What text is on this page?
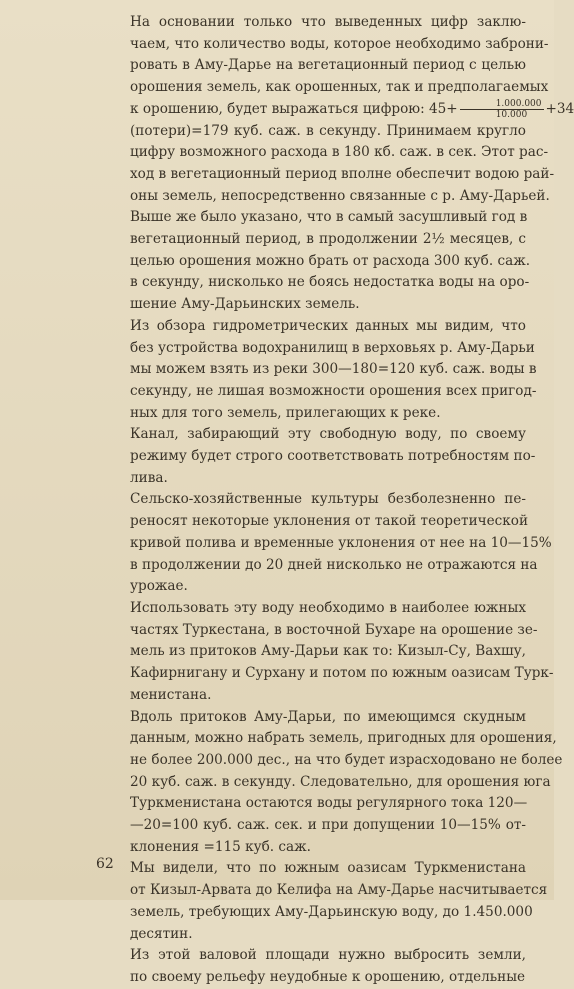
На основании только что выведенных цифр заклю-
чаем, что количество воды, которое необходимо заброни-
ровать в Аму-Дарье на вегетационный период с целью
орошения земель, как орошенных, так и предполагаемых
к орошению, будет выражаться цифрою: $45+ \frac{1.000.000}{10.000} +34$
(потери)=179 куб. саж. в секунду. Принимаем кругло
цифру возможного расхода в 180 кб. саж. в сек. Этот рас-
ход в вегетационный период вполне обеспечит водою рай-
оны земель, непосредственно связанные с р. Аму-Дарьей.
Выше же было указано, что в самый засушливый год в
вегетационный период, в продолжении 2½ месяцев, с
целью орошения можно брать от расхода 300 куб. саж.
в секунду, нисколько не боясь недостатка воды на оро-
шение Аму-Дарьинских земель.

Из обзора гидрометрических данных мы видим, что
без устройства водохранилищ в верховьях р. Аму-Дарьи
мы можем взять из реки 300—180=120 куб. саж. воды в
секунду, не лишая возможности орошения всех пригод-
ных для того земель, прилегающих к реке.

Канал, забирающий эту свободную воду, по своему
режиму будет строго соответствовать потребностям по-
лива.

Сельско-хозяйственные культуры безболезненно пе-
реносят некоторые уклонения от такой теоретической
кривой полива и временные уклонения от нее на 10—15%
в продолжении до 20 дней нисколько не отражаются на
урожае.

Использовать эту воду необходимо в наиболее южных
частях Туркестана, в восточной Бухаре на орошение зе-
мель из притоков Аму-Дарьи как то: Кизыл-Су, Вахшу,
Кафирнигану и Сурхану и потом по южным оазисам Турк-
менистана.

Вдоль притоков Аму-Дарьи, по имеющимся скудным
данным, можно набрать земель, пригодных для орошения,
не более 200.000 дес., на что будет израсходовано не более
20 куб. саж. в секунду. Следовательно, для орошения юга
Туркменистана остаются воды регулярного тока 120—
—20=100 куб. саж. сек. и при допущении 10—15% от-
клонения =115 куб. саж.

Мы видели, что по южным оазисам Туркменистана
от Кизыл-Арвата до Келифа на Аму-Дарье насчитывается
земель, требующих Аму-Дарьинскую воду, до 1.450.000
десятин.

Из этой валовой площади нужно выбросить земли,
по своему рельефу неудобные к орошению, отдельные

62
